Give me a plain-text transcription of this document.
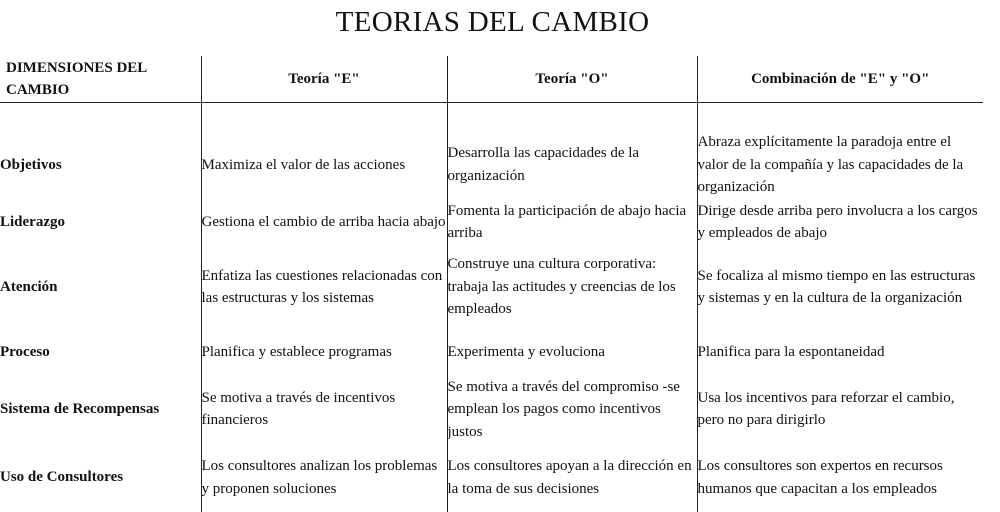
TEORIAS DEL CAMBIO
DIMENSIONES DEL CAMBIO	Teoría "E"	Teoría "O"	Combinación de "E" y "O"
Objetivos	Maximiza el valor de las acciones	Desarrolla las capacidades de la organización	Abraza explícitamente la paradoja entre el valor de la compañía y las capacidades de la organización
Liderazgo	Gestiona el cambio de arriba hacia abajo	Fomenta la participación de abajo hacia arriba	Dirige desde arriba pero involucra a los cargos y empleados de abajo
Atención	Enfatiza las cuestiones relacionadas con las estructuras y los sistemas	Construye una cultura corporativa: trabaja las actitudes y creencias de los empleados	Se focaliza al mismo tiempo en las estructuras y sistemas y en la cultura de la organización
Proceso	Planifica y establece programas	Experimenta y evoluciona	Planifica para la espontaneidad
Sistema de Recompensas	Se motiva a través de incentivos financieros	Se motiva a través del compromiso -se emplean los pagos como incentivos justos	Usa los incentivos para reforzar el cambio, pero no para dirigirlo
Uso de Consultores	Los consultores analizan los problemas y proponen soluciones	Los consultores apoyan a la dirección en la toma de sus decisiones	Los consultores son expertos en recursos humanos que capacitan a los empleados
